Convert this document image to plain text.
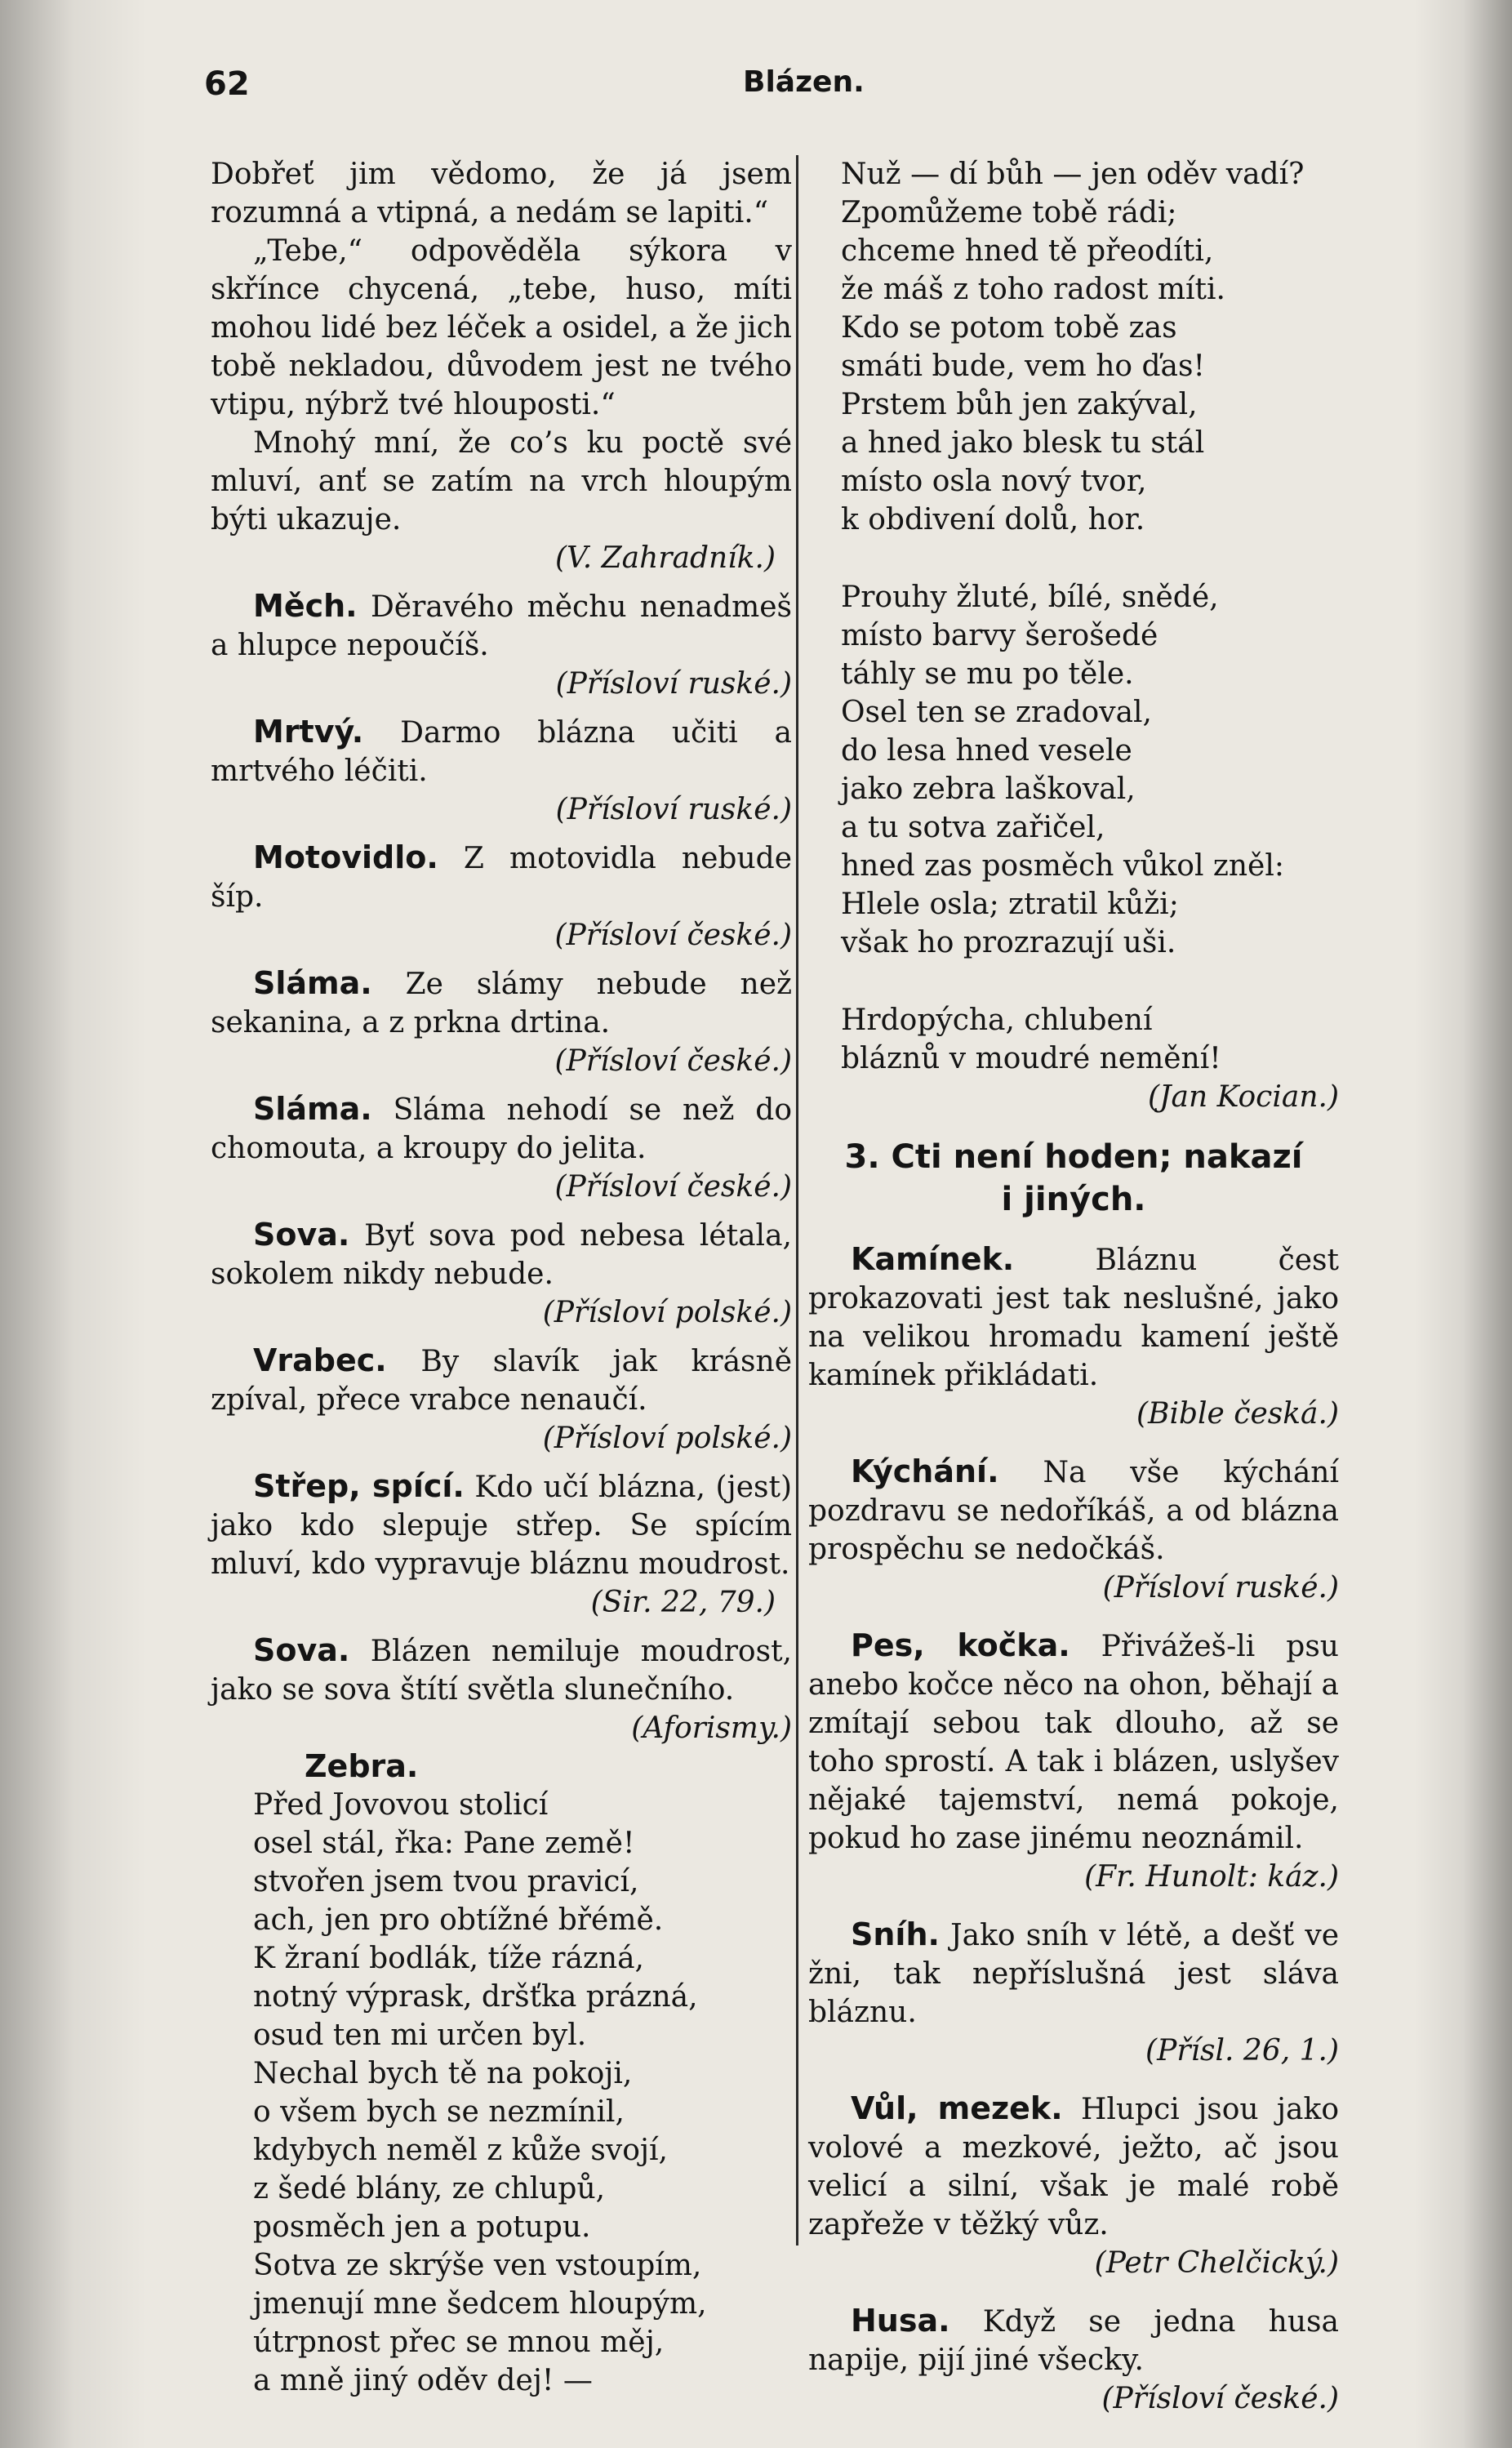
62	Blázen.

Dobřeť jim vědomo, že já jsem rozumná a vtipná, a nedám se lapiti.“

„Tebe,“ odpověděla sýkora v skřínce chycená, „tebe, huso, míti mohou lidé bez léček a osidel, a že jich tobě nekladou, důvodem jest ne tvého vtipu, nýbrž tvé hlouposti.“

Mnohý mní, že co’s ku poctě své mluví, anť se zatím na vrch hloupým býti ukazuje.

(V. Zahradník.)

Měch. Děravého měchu nenadmeš a hlupce nepoučíš.

(Přísloví ruské.)

Mrtvý. Darmo blázna učiti a mrtvého léčiti.

(Přísloví ruské.)

Motovidlo. Z motovidla nebude šíp.

(Přísloví české.)

Sláma. Ze slámy nebude než sekanina, a z prkna drtina.

(Přísloví české.)

Sláma. Sláma nehodí se než do chomouta, a kroupy do jelita.

(Přísloví české.)

Sova. Byť sova pod nebesa létala, sokolem nikdy nebude.

(Přísloví polské.)

Vrabec. By slavík jak krásně zpíval, přece vrabce nenaučí.

(Přísloví polské.)

Střep, spící. Kdo učí blázna, (jest) jako kdo slepuje střep. Se spícím mluví, kdo vypravuje bláznu moudrost.

(Sir. 22, 79.)

Sova. Blázen nemiluje moudrost, jako se sova štítí světla slunečního.

(Aforismy.)

Zebra.

Před Jovovou stolicí

osel stál, řka: Pane země!

stvořen jsem tvou pravicí,

ach, jen pro obtížné břémě.

K žraní bodlák, tíže rázná,

notný výprask, dršťka prázná,

osud ten mi určen byl.

Nechal bych tě na pokoji,

o všem bych se nezmínil,

kdybych neměl z kůže svojí,

z šedé blány, ze chlupů,

posměch jen a potupu.

Sotva ze skrýše ven vstoupím,

jmenují mne šedcem hloupým,

útrpnost přec se mnou měj,

a mně jiný oděv dej! —

Nuž — dí bůh — jen oděv vadí?

Zpomůžeme tobě rádi;

chceme hned tě přeodíti,

že máš z toho radost míti.

Kdo se potom tobě zas

smáti bude, vem ho ďas!

Prstem bůh jen zakýval,

a hned jako blesk tu stál

místo osla nový tvor,

k obdivení dolů, hor.

Prouhy žluté, bílé, snědé,

místo barvy šerošedé

táhly se mu po těle.

Osel ten se zradoval,

do lesa hned vesele

jako zebra laškoval,

a tu sotva zařičel,

hned zas posměch vůkol zněl:

Hlele osla; ztratil kůži;

však ho prozrazují uši.

Hrdopýcha, chlubení

bláznů v moudré nemění!

(Jan Kocian.)

3. Cti není hoden; nakazí

i jiných.

Kamínek.	Bláznu čest prokazovati jest tak neslušné, jako na velikou hromadu kamení ještě kamínek přikládati.

(Bible česká.)

Kýchání. Na vše kýchání pozdravu se nedoříkáš, a od blázna prospěchu se nedočkáš.

(Přísloví ruské.)

Pes, kočka. Přivážeš-li psu anebo kočce něco na ohon, běhají a zmítají sebou tak dlouho, až se toho sprostí. A tak i blázen, uslyšev nějaké tajemství, nemá pokoje, pokud ho zase jinému neoznámil.

(Fr. Hunolt: káz.)

Sníh. Jako sníh v létě, a dešť ve žni, tak nepříslušná jest sláva bláznu.

(Přísl. 26, 1.)

Vůl, mezek. Hlupci jsou jako volové a mezkové, ježto, ač jsou velicí a silní, však je malé robě zapřeže v těžký vůz.

(Petr Chelčický.)

Husa. Když se jedna husa napije, pijí jiné všecky.

(Přísloví české.)
